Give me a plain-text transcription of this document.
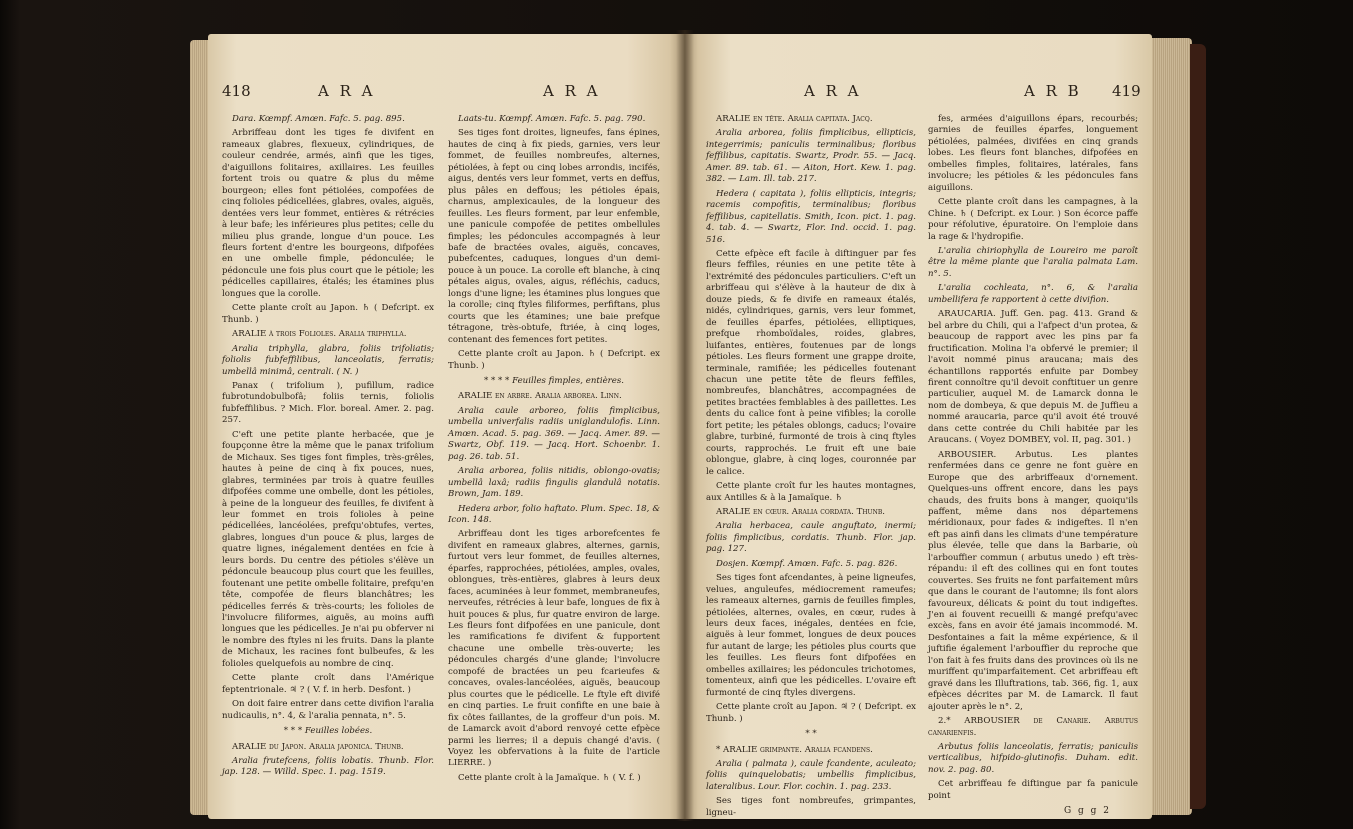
418	A R A	A R A

Dara. Kœmpf. Amœn. Fafc. 5. pag. 895.

Arbriffeau dont les tiges fe divifent en rameaux glabres, flexueux, cylindriques, de couleur cendrée, armés, ainfi que les tiges, d'aiguillons folitaires, axillaires. Les feuilles fortent trois ou quatre & plus du même bourgeon; elles font pétiolées, compofées de cinq folioles pédicellées, glabres, ovales, aiguës, dentées vers leur fommet, entières & rétrécies à leur bafe; les inférieures plus petites; celle du milieu plus grande, longue d'un pouce. Les fleurs fortent d'entre les bourgeons, difpofées en une ombelle fimple, pédonculée; le pédoncule une fois plus court que le pétiole; les pédicelles capillaires, étalés; les étamines plus longues que la corolle.

Cette plante croît au Japon. ♄ ( Defcript. ex Thunb. )

ARALIE à trois Folioles. Aralia triphylla.

Aralia triphylla, glabra, foliis trifoliatis; foliolis fubfeffilibus, lanceolatis, ferratis; umbellâ minimâ, centrali. ( N. )

Panax ( trifolium ), pufillum, radice fubrotundobulbofâ; foliis ternis, foliolis fubfeffilibus. ? Mich. Flor. boreal. Amer. 2. pag. 257.

C'eft une petite plante herbacée, que je foupçonne être la même que le panax trifolium de Michaux. Ses tiges font fimples, très-grêles, hautes à peine de cinq à fix pouces, nues, glabres, terminées par trois à quatre feuilles difpofées comme une ombelle, dont les pétioles, à peine de la longueur des feuilles, fe divifent à leur fommet en trois folioles à peine pédicellées, lancéolées, prefqu'obtufes, vertes, glabres, longues d'un pouce & plus, larges de quatre lignes, inégalement dentées en fcie à leurs bords. Du centre des pétioles s'élève un pédoncule beaucoup plus court que les feuilles, foutenant une petite ombelle folitaire, prefqu'en tête, compofée de fleurs blanchâtres; les pédicelles ferrés & très-courts; les folioles de l'involucre filiformes, aiguës, au moins auffi longues que les pédicelles. Je n'ai pu obferver ni le nombre des ftyles ni les fruits. Dans la plante de Michaux, les racines font bulbeufes, & les folioles quelquefois au nombre de cinq.

Cette plante croît dans l'Amérique feptentrionale. ♃ ? ( V. f. in herb. Desfont. )

On doit faire entrer dans cette divifion l'aralia nudicaulis, n°. 4, & l'aralia pennata, n°. 5.

* * * Feuilles lobées.

ARALIE du Japon. Aralia japonica. Thunb.

Aralia frutefcens, foliis lobatis. Thunb. Flor. jap. 128. — Willd. Spec. 1. pag. 1519.

Laats-tu. Kœmpf. Amœn. Fafc. 5. pag. 790.

Ses tiges font droites, ligneufes, fans épines, hautes de cinq à fix pieds, garnies, vers leur fommet, de feuilles nombreufes, alternes, pétiolées, à fept ou cinq lobes arrondis, incifés, aigus, dentés vers leur fommet, verts en deffus, plus pâles en deffous; les pétioles épais, charnus, amplexicaules, de la longueur des feuilles. Les fleurs forment, par leur enfemble, une panicule compofée de petites ombellules fimples; les pédoncules accompagnés à leur bafe de bractées ovales, aiguës, concaves, pubefcentes, caduques, longues d'un demi-pouce à un pouce. La corolle eft blanche, à cinq pétales aigus, ovales, aigus, réfléchis, caducs, longs d'une ligne; les étamines plus longues que la corolle; cinq ftyles filiformes, perfiftans, plus courts que les étamines; une baie prefque tétragone, très-obtufe, ftriée, à cinq loges, contenant des femences fort petites.

Cette plante croît au Japon. ♄ ( Defcript. ex Thunb. )

* * * * Feuilles fimples, entières.

ARALIE en arbre. Aralia arborea. Linn.

Aralia caule arboreo, foliis fimplicibus, umbella univerfalis radiis uniglandulofis. Linn. Amœn. Acad. 5. pag. 369. — Jacq. Amer. 89. — Swartz, Obf. 119. — Jacq. Hort. Schoenbr. 1. pag. 26. tab. 51.

Aralia arborea, foliis nitidis, oblongo-ovatis; umbellâ laxâ; radiis fingulis glandulâ notatis. Brown, Jam. 189.

Hedera arbor, folio haftato. Plum. Spec. 18, & Icon. 148.

Arbriffeau dont les tiges arborefcentes fe divifent en rameaux glabres, alternes, garnis, furtout vers leur fommet, de feuilles alternes, éparfes, rapprochées, pétiolées, amples, ovales, oblongues, très-entières, glabres à leurs deux faces, acuminées à leur fommet, membraneufes, nerveufes, rétrécies à leur bafe, longues de fix à huit pouces & plus, fur quatre environ de large. Les fleurs font difpofées en une panicule, dont les ramifications fe divifent & fupportent chacune une ombelle très-ouverte; les pédoncules chargés d'une glande; l'involucre compofé de bractées un peu fcarieufes & concaves, ovales-lancéolées, aiguës, beaucoup plus courtes que le pédicelle. Le ftyle eft divifé en cinq parties. Le fruit confifte en une baie à fix côtes faillantes, de la groffeur d'un pois. M. de Lamarck avoit d'abord renvoyé cette efpèce parmi les lierres; il a depuis changé d'avis. ( Voyez les obfervations à la fuite de l'article LIERRE. )

Cette plante croît à la Jamaïque. ♄ ( V. f. )

A R A	A R B 419

ARALIE en tête. Aralia capitata. Jacq.

Aralia arborea, foliis fimplicibus, ellipticis, integerrimis; paniculis terminalibus; floribus feffilibus, capitatis. Swartz, Prodr. 55. — Jacq. Amer. 89. tab. 61. — Aiton, Hort. Kew. 1. pag. 382. — Lam. Ill. tab. 217.

Hedera ( capitata ), foliis ellipticis, integris; racemis compofitis, terminalibus; floribus feffilibus, capitellatis. Smith, Icon. pict. 1. pag. 4. tab. 4. — Swartz, Flor. Ind. occid. 1. pag. 516.

Cette efpèce eft facile à diftinguer par fes fleurs feffiles, réunies en une petite tête à l'extrémité des pédoncules particuliers. C'eft un arbriffeau qui s'élève à la hauteur de dix à douze pieds, & fe divife en rameaux étalés, nidés, cylindriques, garnis, vers leur fommet, de feuilles éparfes, pétiolées, elliptiques, prefque rhomboïdales, roides, glabres, luifantes, entières, foutenues par de longs pétioles. Les fleurs forment une grappe droite, terminale, ramifiée; les pédicelles foutenant chacun une petite tête de fleurs feffiles, nombreufes, blanchâtres, accompagnées de petites bractées femblables à des paillettes. Les dents du calice font à peine vifibles; la corolle fort petite; les pétales oblongs, caducs; l'ovaire glabre, turbiné, furmonté de trois à cinq ftyles courts, rapprochés. Le fruit eft une baie oblongue, glabre, à cinq loges, couronnée par le calice.

Cette plante croît fur les hautes montagnes, aux Antilles & à la Jamaïque. ♄

ARALIE en cœur. Aralia cordata. Thunb.

Aralia herbacea, caule anguftato, inermi; foliis fimplicibus, cordatis. Thunb. Flor. jap. pag. 127.

Dosjen. Kœmpf. Amœn. Fafc. 5. pag. 826.

Ses tiges font afcendantes, à peine ligneufes, velues, anguleufes, médiocrement rameufes; les rameaux alternes, garnis de feuilles fimples, pétiolées, alternes, ovales, en cœur, rudes à leurs deux faces, inégales, dentées en fcie, aiguës à leur fommet, longues de deux pouces fur autant de large; les pétioles plus courts que les feuilles. Les fleurs font difpofées en ombelles axillaires; les pédoncules trichotomes, tomenteux, ainfi que les pédicelles. L'ovaire eft furmonté de cinq ftyles divergens.

Cette plante croît au Japon. ♃ ? ( Defcript. ex Thunb. )

* *

* ARALIE grimpante. Aralia fcandens.

Aralia ( palmata ), caule fcandente, aculeato; foliis quinquelobatis; umbellis fimplicibus, lateralibus. Lour. Flor. cochin. 1. pag. 233.

Ses tiges font nombreufes, grimpantes, ligneu-

fes, armées d'aiguillons épars, recourbés; garnies de feuilles éparfes, longuement pétiolées, palmées, divifées en cinq grands lobes. Les fleurs font blanches, difpofées en ombelles fimples, folitaires, latérales, fans involucre; les pétioles & les pédoncules fans aiguillons.

Cette plante croît dans les campagnes, à la Chine. ♄ ( Defcript. ex Lour. ) Son écorce paffe pour réfolutive, épuratoire. On l'emploie dans la rage & l'hydropifie.

L'aralia chiriophylla de Loureiro me paroît être la même plante que l'aralia palmata Lam. n°. 5.

L'aralia cochleata, n°. 6, & l'aralia umbellifera fe rapportent à cette divifion.

ARAUCARIA. Juff. Gen. pag. 413. Grand & bel arbre du Chili, qui a l'afpect d'un protea, & beaucoup de rapport avec les pins par fa fructification. Molina l'a obfervé le premier; il l'avoit nommé pinus araucana; mais des échantillons rapportés enfuite par Dombey firent connoître qu'il devoit conftituer un genre particulier, auquel M. de Lamarck donna le nom de dombeya, & que depuis M. de Juffieu a nommé araucaria, parce qu'il avoit été trouvé dans cette contrée du Chili habitée par les Araucans. ( Voyez DOMBEY, vol. II, pag. 301. )

ARBOUSIER. Arbutus. Les plantes renfermées dans ce genre ne font guère en Europe que des arbriffeaux d'ornement. Quelques-uns offrent encore, dans les pays chauds, des fruits bons à manger, quoiqu'ils paffent, même dans nos départemens méridionaux, pour fades & indigeftes. Il n'en eft pas ainfi dans les climats d'une température plus élevée, telle que dans la Barbarie, où l'arbouffier commun ( arbutus unedo ) eft très-répandu: il eft des collines qui en font toutes couvertes. Ses fruits ne font parfaitement mûrs que dans le courant de l'automne; ils font alors favoureux, délicats & point du tout indigeftes. J'en ai fouvent recueilli & mangé prefqu'avec excès, fans en avoir été jamais incommodé. M. Desfontaines a fait la même expérience, & il juftifie également l'arbouffier du reproche que l'on fait à fes fruits dans des provinces où ils ne muriffent qu'imparfaitement. Cet arbriffeau eft gravé dans les Illuftrations, tab. 366, fig. 1, aux efpèces décrites par M. de Lamarck. Il faut ajouter après le n°. 2,

2.* ARBOUSIER de Canarie. Arbutus canarienfis.

Arbutus foliis lanceolatis, ferratis; paniculis verticalibus, hifpido-glutinofis. Duham. edit. nov. 2. pag. 80.

Cet arbriffeau fe diftingue par fa panicule point

G g g 2
